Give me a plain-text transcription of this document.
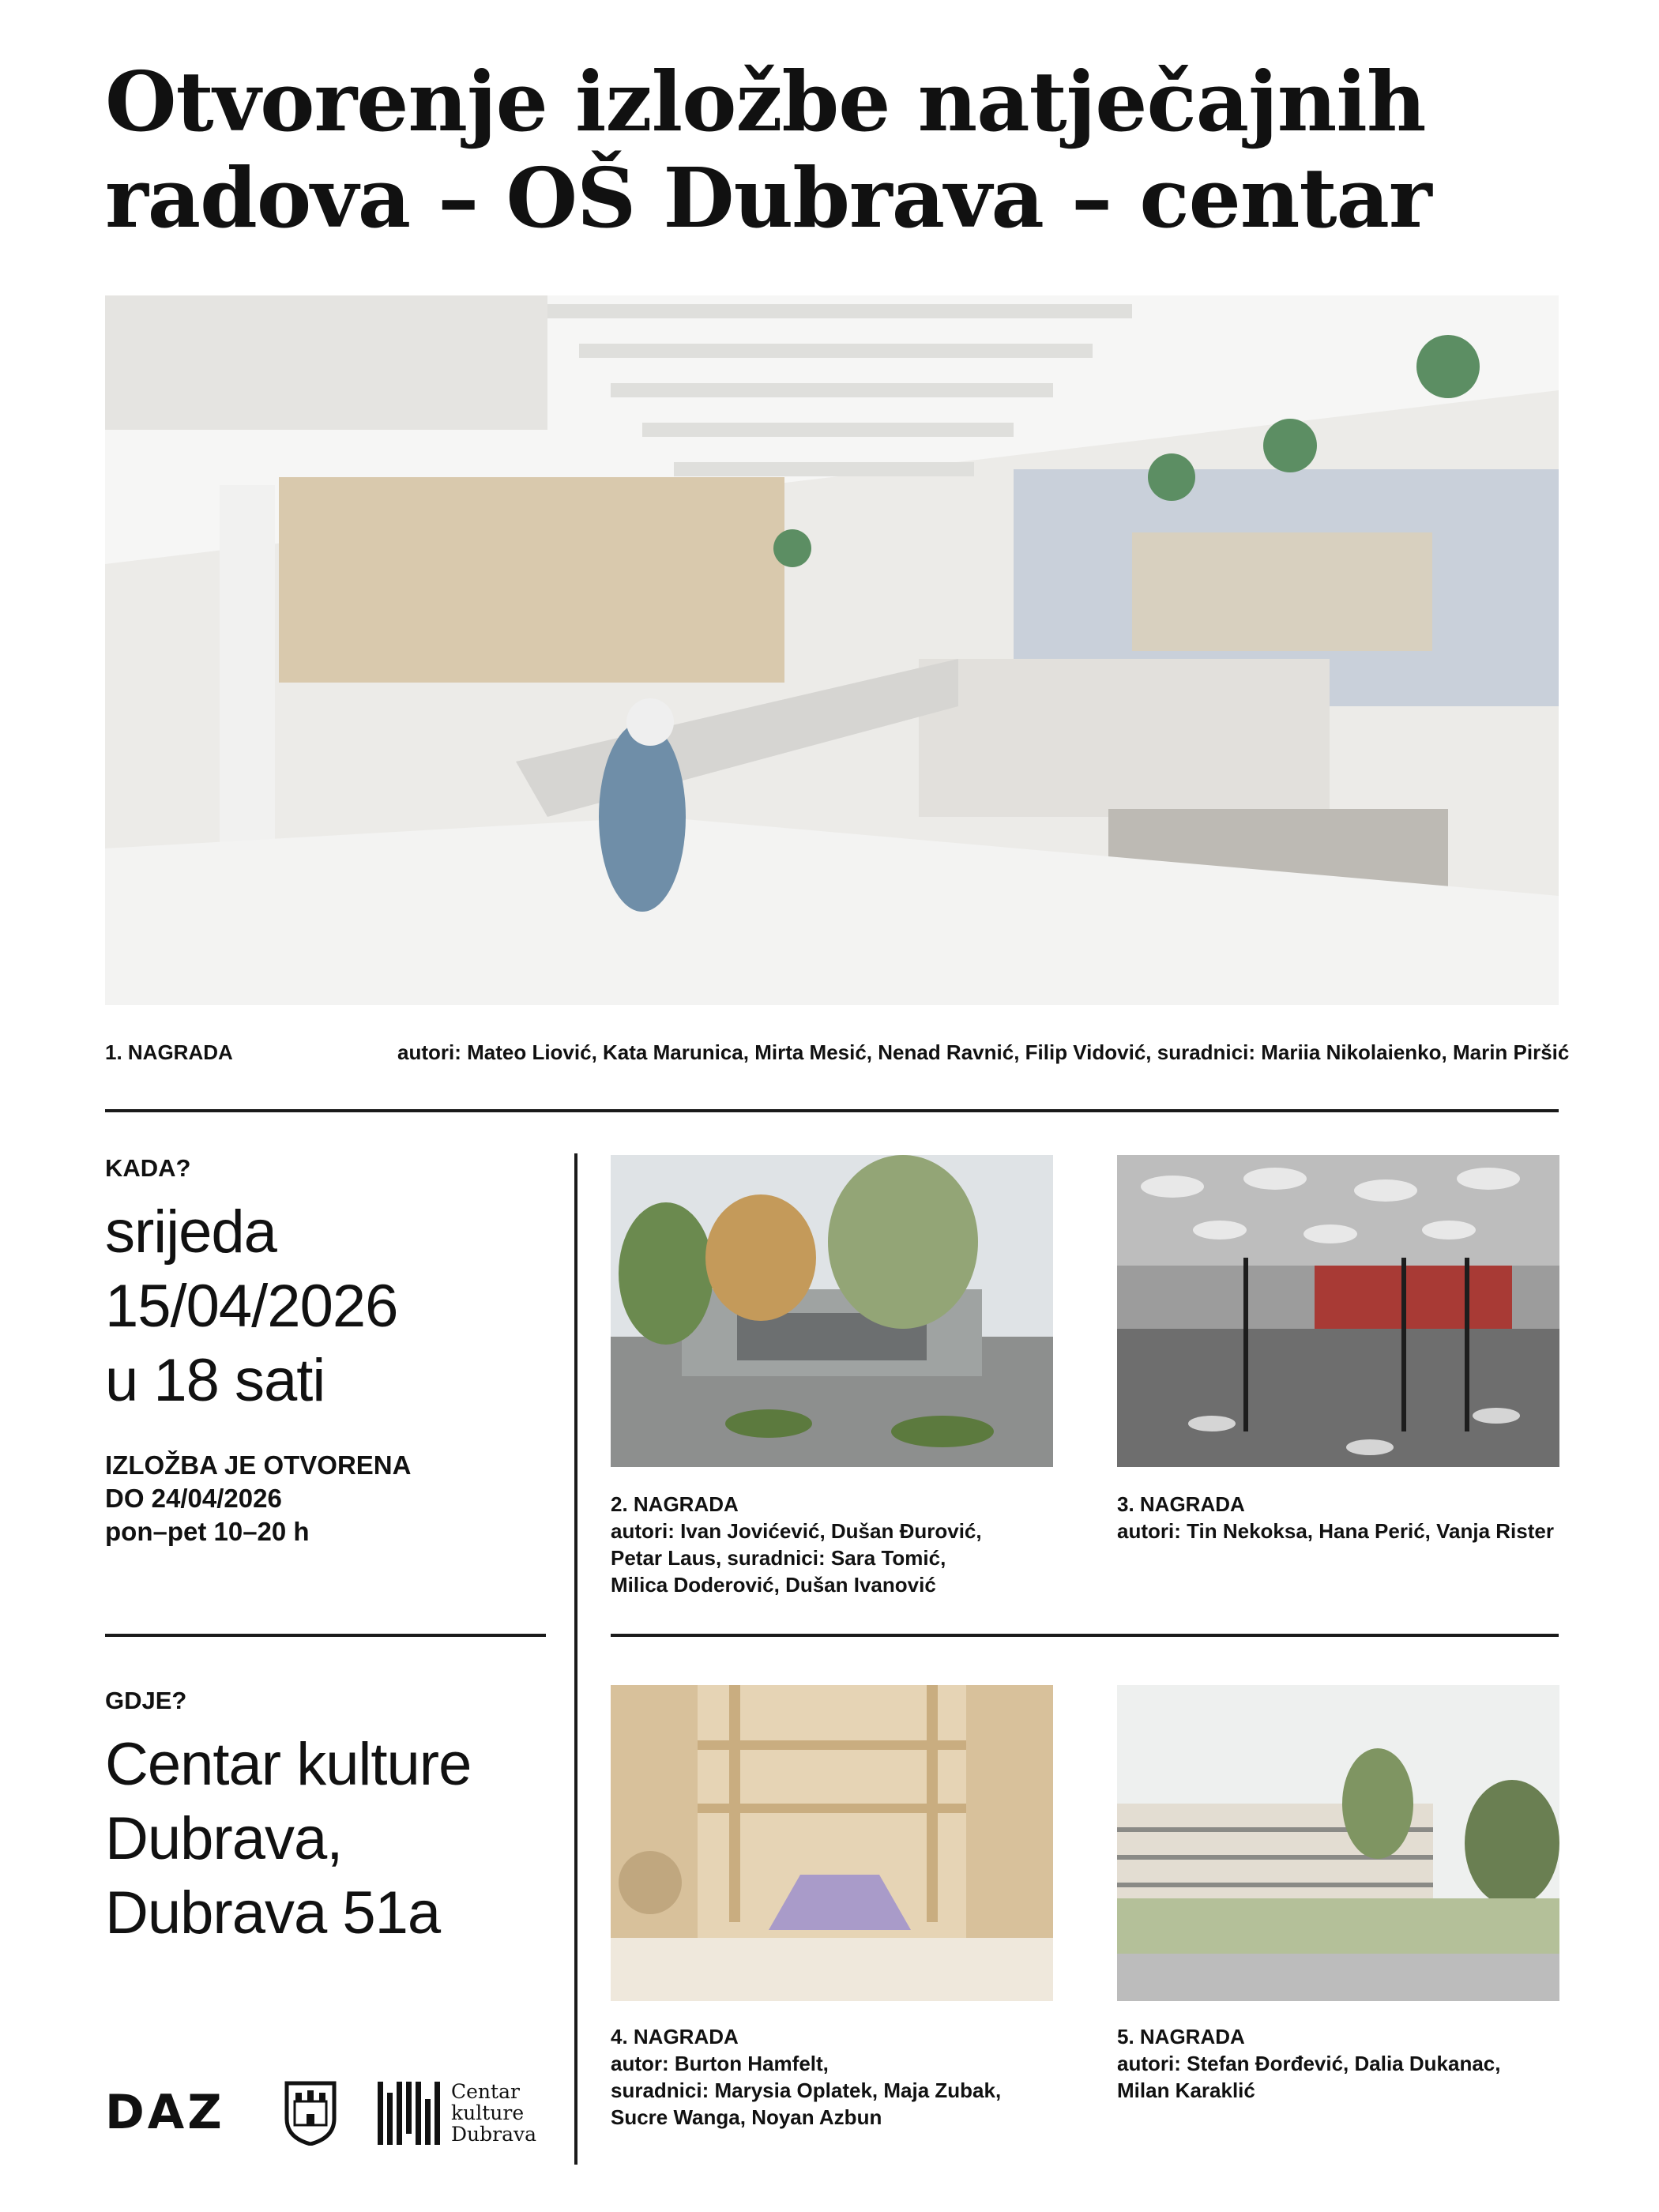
Otvorenje izložbe natječajnih
radova – OŠ Dubrava – centar
1. NAGRADA	autori: Mateo Liović, Kata Marunica, Mirta Mesić, Nenad Ravnić, Filip Vidović, suradnici: Mariia Nikolaienko, Marin Piršić
KADA?
srijeda
15/04/2026
u 18 sati
IZLOŽBA JE OTVORENA
DO 24/04/2026
pon–pet 10–20 h
GDJE?
Centar kulture
Dubrava,
Dubrava 51a
2. NAGRADA
autori: Ivan Jovićević, Dušan Đurović,
Petar Laus, suradnici: Sara Tomić,
Milica Doderović, Dušan Ivanović
3. NAGRADA
autori: Tin Nekoksa, Hana Perić, Vanja Rister
4. NAGRADA
autor: Burton Hamfelt,
suradnici: Marysia Oplatek, Maja Zubak,
Sucre Wanga, Noyan Azbun
5. NAGRADA
autori: Stefan Đorđević, Dalia Dukanac,
Milan Karaklić
DAZ	Centar
kulture
Dubrava
